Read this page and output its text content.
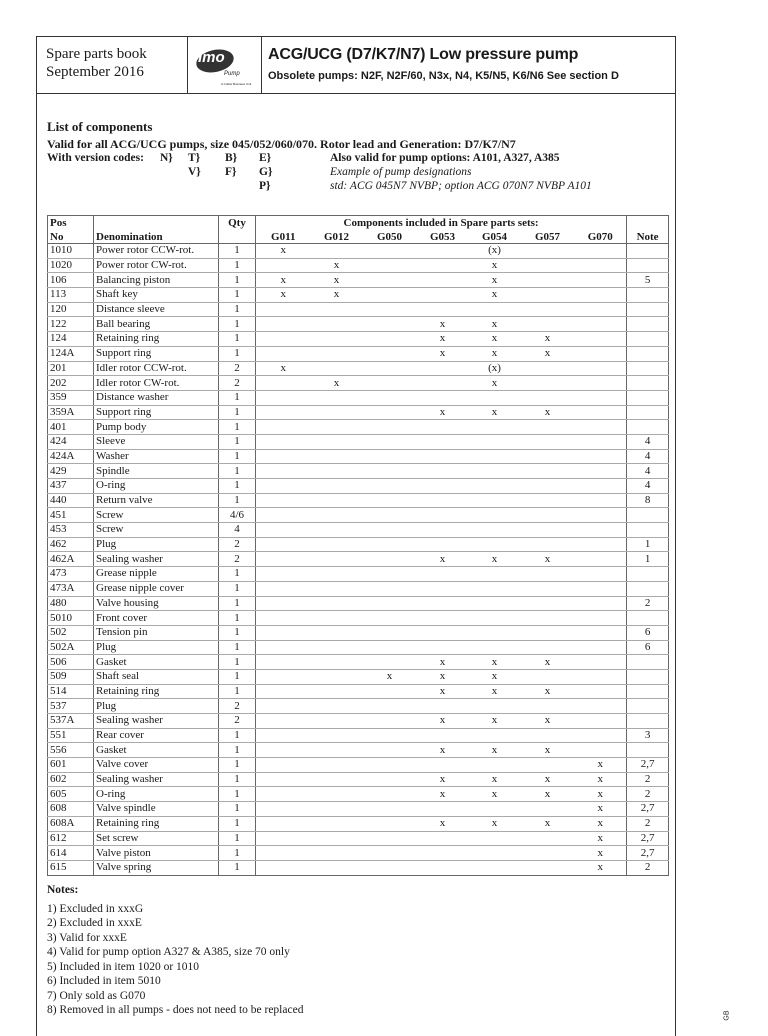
Spare parts book
September 2016
Imo
Pump
A Colfax Business Unit
ACG/UCG (D7/K7/N7) Low pressure pump
Obsolete pumps: N2F, N2F/60, N3x, N4, K5/N5, K6/N6 See section D
List of components
Valid for all ACG/UCG pumps, size 045/052/060/070. Rotor lead and Generation: D7/K7/N7
With version codes: N} T} B} E}
V} F} G}
P}
Also valid for pump options: A101, A327, A385
Example of pump designations
std: ACG 045N7 NVBP; option ACG 070N7 NVBP A101
Pos		Qty	Components included in Spare parts sets:							
No	Denomination		G011	G012	G050	G053	G054	G057	G070	Note
1010	Power rotor CCW-rot.	1	x				(x)			
1020	Power rotor CW-rot.	1		x			x			
106	Balancing piston	1	x	x			x			5
113	Shaft key	1	x	x			x			
120	Distance sleeve	1								
122	Ball bearing	1				x	x			
124	Retaining ring	1				x	x	x		
124A	Support ring	1				x	x	x		
201	Idler rotor CCW-rot.	2	x				(x)			
202	Idler rotor CW-rot.	2		x			x			
359	Distance washer	1								
359A	Support ring	1				x	x	x		
401	Pump body	1								
424	Sleeve	1								4
424A	Washer	1								4
429	Spindle	1								4
437	O-ring	1								4
440	Return valve	1								8
451	Screw	4/6								
453	Screw	4								
462	Plug	2								1
462A	Sealing washer	2				x	x	x		1
473	Grease nipple	1								
473A	Grease nipple cover	1								
480	Valve housing	1								2
5010	Front cover	1								
502	Tension pin	1								6
502A	Plug	1								6
506	Gasket	1				x	x	x		
509	Shaft seal	1			x	x	x			
514	Retaining ring	1				x	x	x		
537	Plug	2								
537A	Sealing washer	2				x	x	x		
551	Rear cover	1								3
556	Gasket	1				x	x	x		
601	Valve cover	1							x	2,7
602	Sealing washer	1				x	x	x	x	2
605	O-ring	1				x	x	x	x	2
608	Valve spindle	1							x	2,7
608A	Retaining ring	1				x	x	x	x	2
612	Set screw	1							x	2,7
614	Valve piston	1							x	2,7
615	Valve spring	1							x	2
Notes:
1) Excluded in xxxG
2) Excluded in xxxE
3) Valid for xxxE
4) Valid for pump option A327 & A385, size 70 only
5) Included in item 1020 or 1010
6) Included in item 5010
7) Only sold as G070
8) Removed in all pumps - does not need to be replaced	GB
